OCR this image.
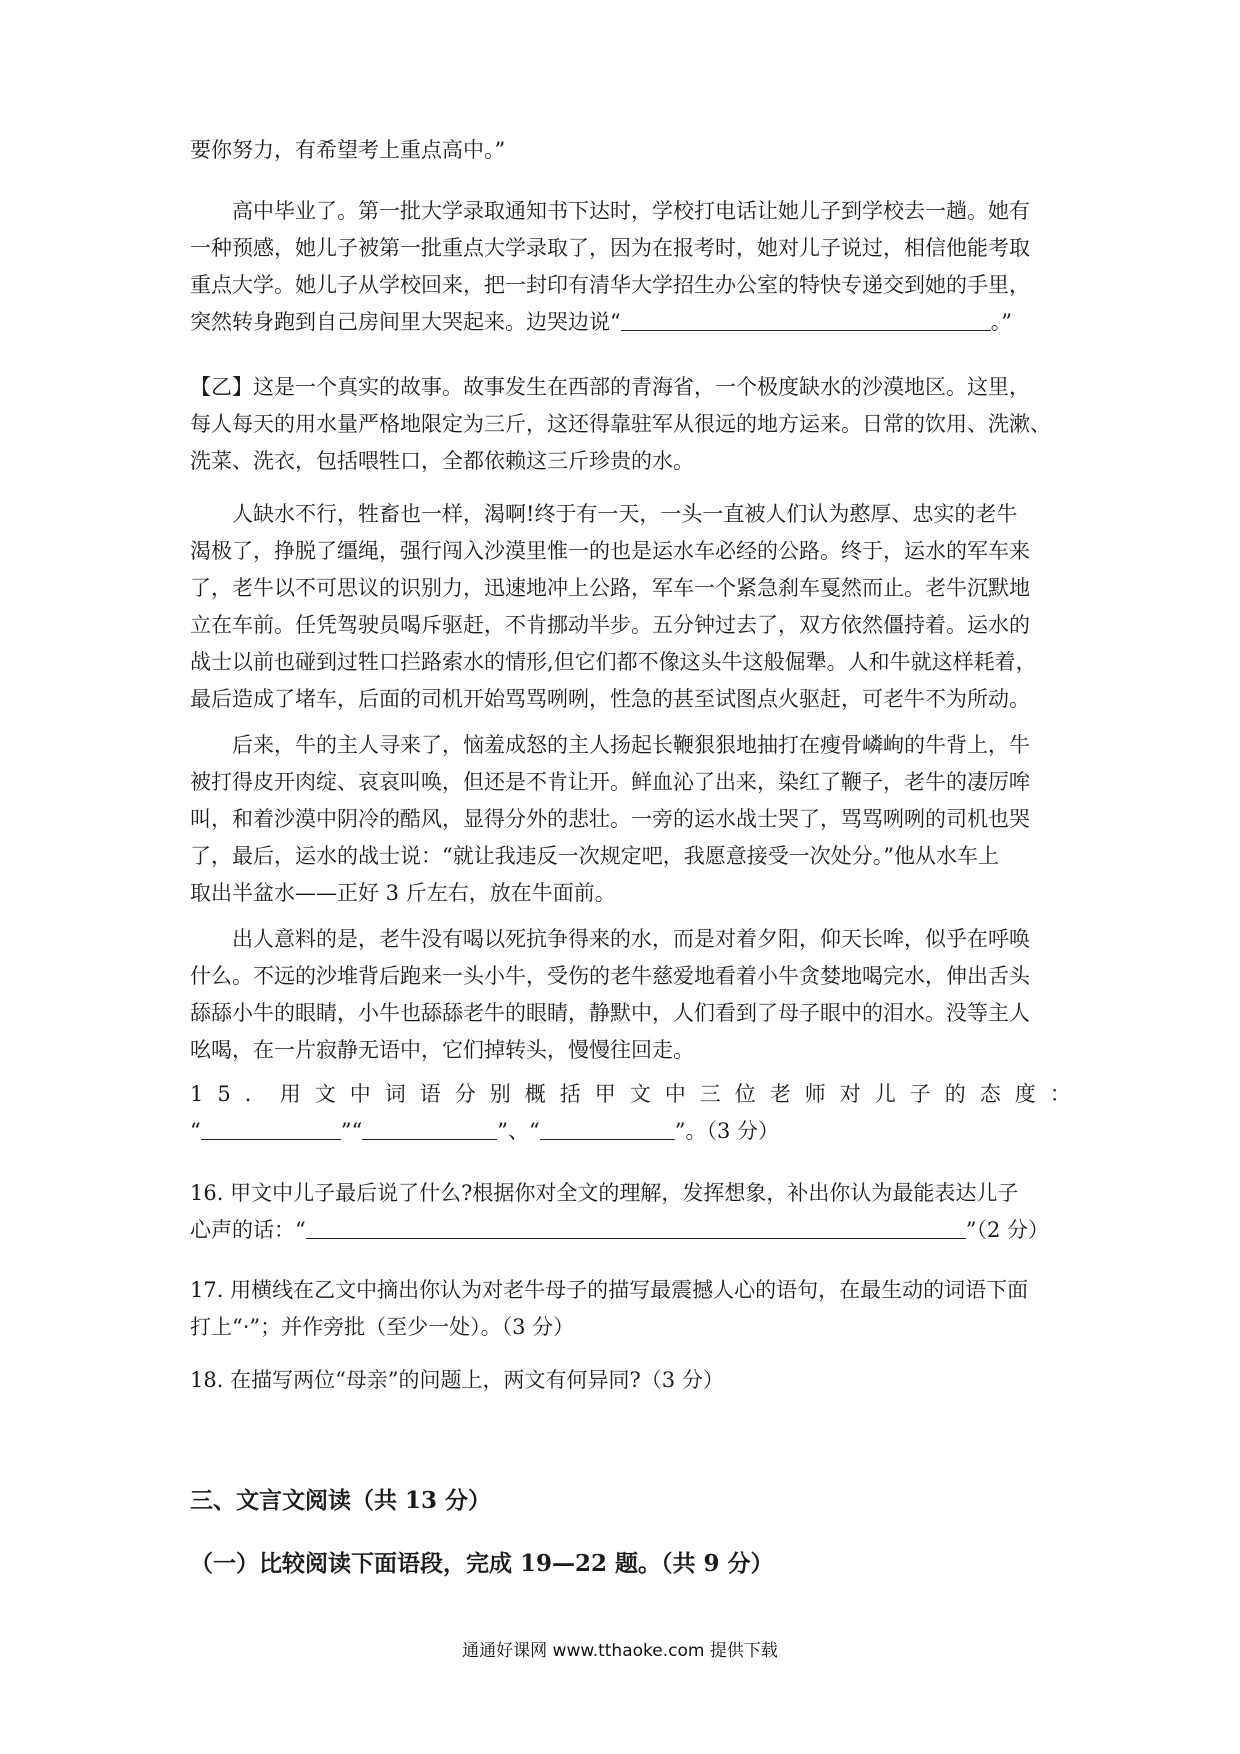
要你努力，有希望考上重点高中。”
高中毕业了。第一批大学录取通知书下达时，学校打电话让她儿子到学校去一趟。她有
一种预感，她儿子被第一批重点大学录取了，因为在报考时，她对儿子说过，相信他能考取
重点大学。她儿子从学校回来，把一封印有清华大学招生办公室的特快专递交到她的手里，
突然转身跑到自己房间里大哭起来。边哭边说“	。”
【乙】这是一个真实的故事。故事发生在西部的青海省，一个极度缺水的沙漠地区。这里，
每人每天的用水量严格地限定为三斤，这还得靠驻军从很远的地方运来。日常的饮用、洗漱、
洗菜、洗衣，包括喂牲口，全都依赖这三斤珍贵的水。
人缺水不行，牲畜也一样，渴啊!终于有一天，一头一直被人们认为憨厚、忠实的老牛
渴极了，挣脱了缰绳，强行闯入沙漠里惟一的也是运水车必经的公路。终于，运水的军车来
了，老牛以不可思议的识别力，迅速地冲上公路，军车一个紧急刹车戛然而止。老牛沉默地
立在车前。任凭驾驶员喝斥驱赶，不肯挪动半步。五分钟过去了，双方依然僵持着。运水的
战士以前也碰到过牲口拦路索水的情形,但它们都不像这头牛这般倔犟。人和牛就这样耗着，
最后造成了堵车，后面的司机开始骂骂咧咧，性急的甚至试图点火驱赶，可老牛不为所动。
后来，牛的主人寻来了，恼羞成怒的主人扬起长鞭狠狠地抽打在瘦骨嶙峋的牛背上，牛
被打得皮开肉绽、哀哀叫唤，但还是不肯让开。鲜血沁了出来，染红了鞭子，老牛的凄厉哞
叫，和着沙漠中阴冷的酷风，显得分外的悲壮。一旁的运水战士哭了，骂骂咧咧的司机也哭
了，最后，运水的战士说：“就让我违反一次规定吧，我愿意接受一次处分。”他从水车上
取出半盆水——正好 3 斤左右，放在牛面前。
出人意料的是，老牛没有喝以死抗争得来的水，而是对着夕阳，仰天长哞，似乎在呼唤
什么。不远的沙堆背后跑来一头小牛，受伤的老牛慈爱地看着小牛贪婪地喝完水，伸出舌头
舔舔小牛的眼睛，小牛也舔舔老牛的眼睛，静默中，人们看到了母子眼中的泪水。没等主人
吆喝，在一片寂静无语中，它们掉转头，慢慢往回走。
15．用文中词语分别概括甲文中三位老师对儿子的态度：
“	”“	”、“	”。（3 分）
16. 甲文中儿子最后说了什么?根据你对全文的理解，发挥想象，补出你认为最能表达儿子
心声的话：“	”（2 分）
17. 用横线在乙文中摘出你认为对老牛母子的描写最震撼人心的语句，在最生动的词语下面
打上“·”；并作旁批（至少一处）。（3 分）
18. 在描写两位“母亲”的问题上，两文有何异同?（3 分）
三、文言文阅读（共 13 分）
（一）比较阅读下面语段，完成 19—22 题。（共 9 分）
通通好课网 www.tthaoke.com 提供下载
